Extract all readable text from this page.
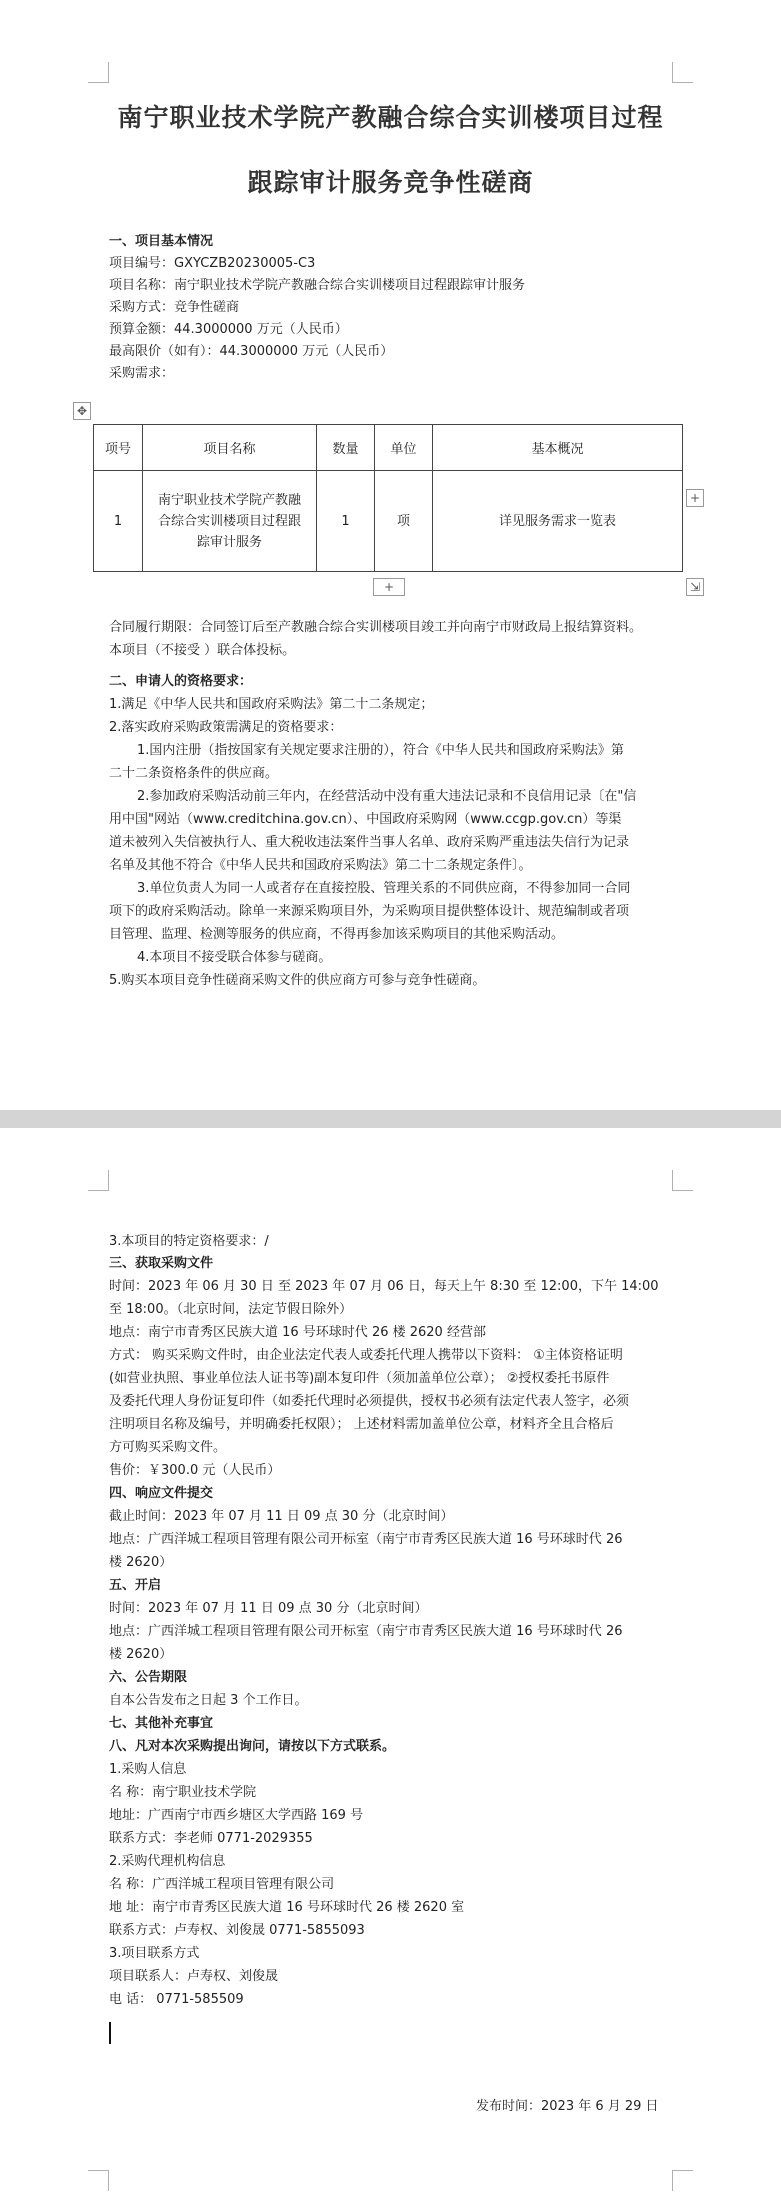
南宁职业技术学院产教融合综合实训楼项目过程
跟踪审计服务竞争性磋商
一、项目基本情况
项目编号：GXYCZB20230005-C3
项目名称：南宁职业技术学院产教融合综合实训楼项目过程跟踪审计服务
采购方式：竞争性磋商
预算金额：44.3000000 万元（人民币）
最高限价（如有）：44.3000000 万元（人民币）
采购需求：
✥
项号	项目名称	数量	单位	基本概况
1	南宁职业技术学院产教融
合综合实训楼项目过程跟
踪审计服务	1	项	详见服务需求一览表
+
+	⇲
合同履行期限：合同签订后至产教融合综合实训楼项目竣工并向南宁市财政局上报结算资料。
本项目（不接受 ）联合体投标。
二、申请人的资格要求：
1.满足《中华人民共和国政府采购法》第二十二条规定；
2.落实政府采购政策需满足的资格要求：
1.国内注册（指按国家有关规定要求注册的），符合《中华人民共和国政府采购法》第
二十二条资格条件的供应商。
2.参加政府采购活动前三年内，在经营活动中没有重大违法记录和不良信用记录〔在"信
用中国"网站（www.creditchina.gov.cn）、中国政府采购网（www.ccgp.gov.cn）等渠
道未被列入失信被执行人、重大税收违法案件当事人名单、政府采购严重违法失信行为记录
名单及其他不符合《中华人民共和国政府采购法》第二十二条规定条件〕。
3.单位负责人为同一人或者存在直接控股、管理关系的不同供应商，不得参加同一合同
项下的政府采购活动。除单一来源采购项目外，为采购项目提供整体设计、规范编制或者项
目管理、监理、检测等服务的供应商，不得再参加该采购项目的其他采购活动。
4.本项目不接受联合体参与磋商。
5.购买本项目竞争性磋商采购文件的供应商方可参与竞争性磋商。
3.本项目的特定资格要求：/
三、获取采购文件
时间：2023 年 06 月 30 日 至 2023 年 07 月 06 日，每天上午 8:30 至 12:00，下午 14:00
至 18:00。（北京时间，法定节假日除外）
地点：南宁市青秀区民族大道 16 号环球时代 26 楼 2620 经营部
方式： 购买采购文件时，由企业法定代表人或委托代理人携带以下资料： ①主体资格证明
(如营业执照、事业单位法人证书等)副本复印件（须加盖单位公章）； ②授权委托书原件
及委托代理人身份证复印件（如委托代理时必须提供，授权书必须有法定代表人签字，必须
注明项目名称及编号，并明确委托权限）； 上述材料需加盖单位公章，材料齐全且合格后
方可购买采购文件。
售价：￥300.0 元（人民币）
四、响应文件提交
截止时间：2023 年 07 月 11 日 09 点 30 分（北京时间）
地点：广西洋城工程项目管理有限公司开标室（南宁市青秀区民族大道 16 号环球时代 26
楼 2620）
五、开启
时间：2023 年 07 月 11 日 09 点 30 分（北京时间）
地点：广西洋城工程项目管理有限公司开标室（南宁市青秀区民族大道 16 号环球时代 26
楼 2620）
六、公告期限
自本公告发布之日起 3 个工作日。
七、其他补充事宜
八、凡对本次采购提出询问，请按以下方式联系。
1.采购人信息
名 称：南宁职业技术学院
地址：广西南宁市西乡塘区大学西路 169 号
联系方式：李老师 0771-2029355
2.采购代理机构信息
名 称：广西洋城工程项目管理有限公司
地 址：南宁市青秀区民族大道 16 号环球时代 26 楼 2620 室
联系方式：卢寿权、刘俊晟 0771-5855093
3.项目联系方式
项目联系人：卢寿权、刘俊晟
电 话： 0771-585509
发布时间：2023 年 6 月 29 日
